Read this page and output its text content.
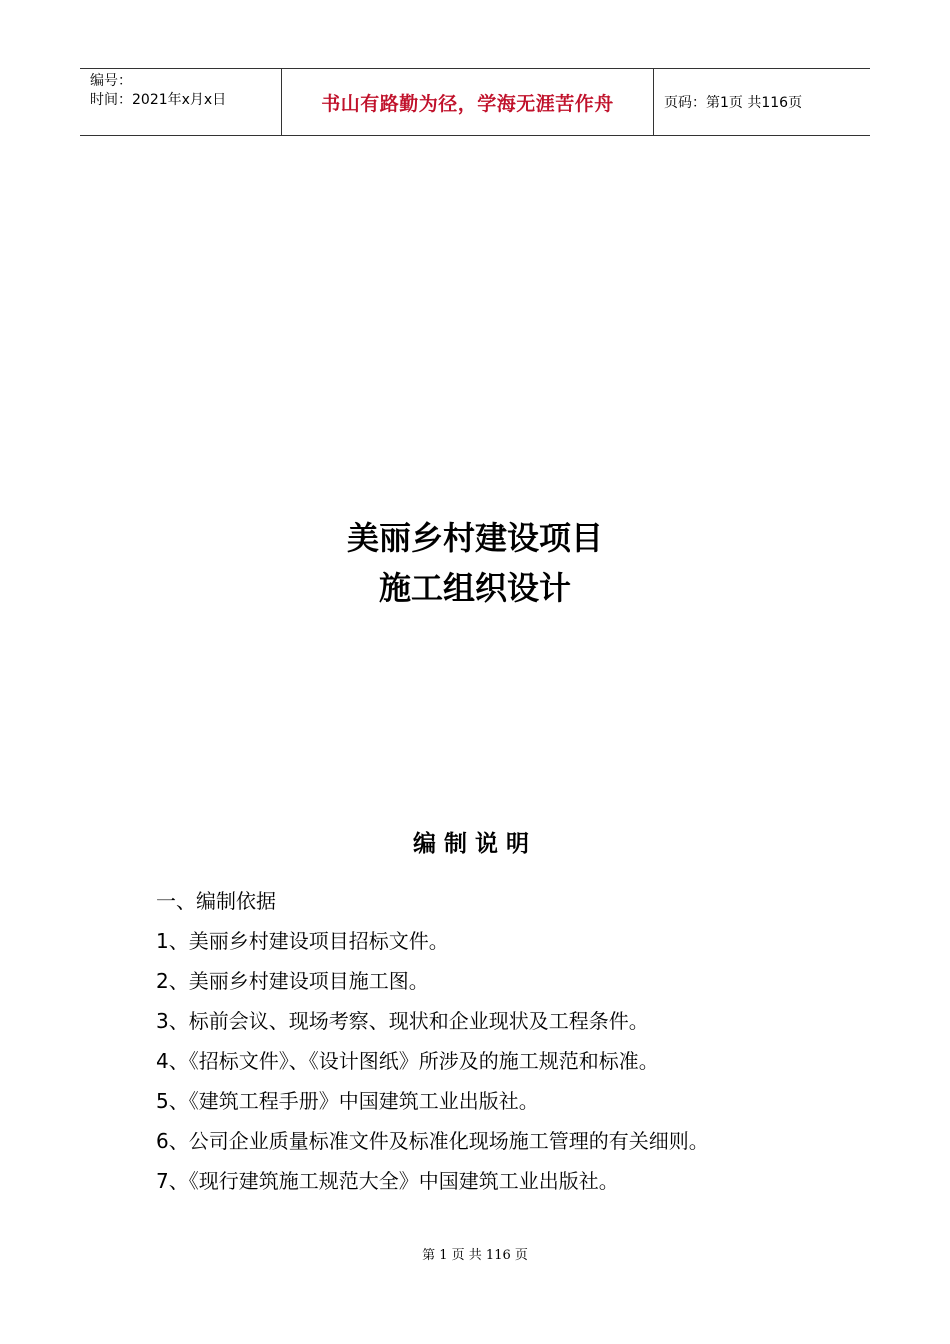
编号：
时间：2021年x月x日	书山有路勤为径，学海无涯苦作舟	页码：第1页 共116页
美丽乡村建设项目
施工组织设计
编制说明
一、编制依据
1、美丽乡村建设项目招标文件。
2、美丽乡村建设项目施工图。
3、标前会议、现场考察、现状和企业现状及工程条件。
4、《招标文件》、《设计图纸》所涉及的施工规范和标准。
5、《建筑工程手册》中国建筑工业出版社。
6、公司企业质量标准文件及标准化现场施工管理的有关细则。
7、《现行建筑施工规范大全》中国建筑工业出版社。
第 1 页 共 116 页
